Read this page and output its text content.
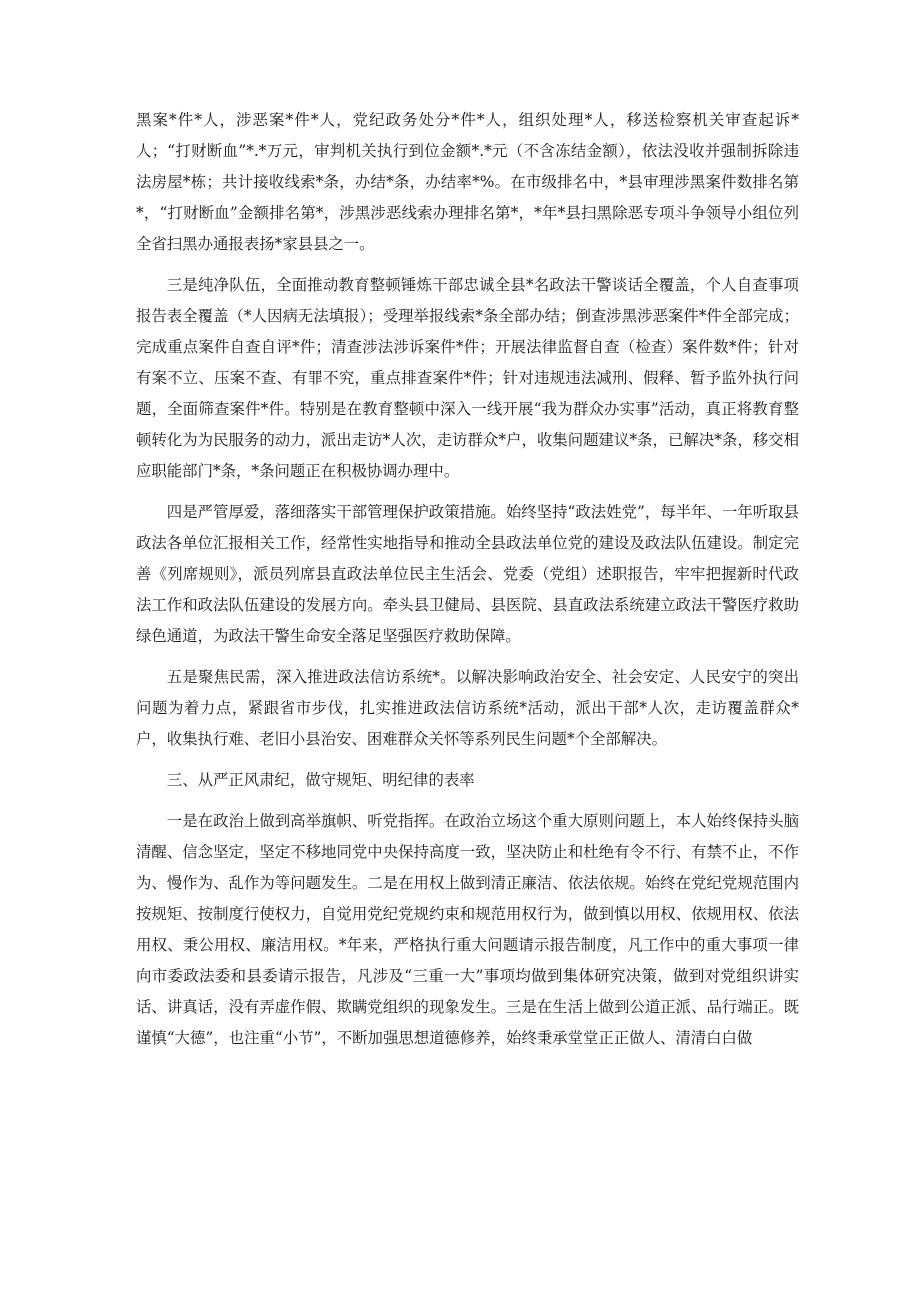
黑案*件*人，涉恶案*件*人，党纪政务处分*件*人，组织处理*人，移送检察机关审查起诉*人；“打财断血”*.*万元，审判机关执行到位金额*.*元（不含冻结金额），依法没收并强制拆除违法房屋*栋；共计接收线索*条，办结*条，办结率*%。在市级排名中，*县审理涉黑案件数排名第*，“打财断血”金额排名第*，涉黑涉恶线索办理排名第*，*年*县扫黑除恶专项斗争领导小组位列全省扫黑办通报表扬*家县县之一。

三是纯净队伍，全面推动教育整顿锤炼干部忠诚全县*名政法干警谈话全覆盖，个人自查事项报告表全覆盖（*人因病无法填报）；受理举报线索*条全部办结；倒查涉黑涉恶案件*件全部完成；完成重点案件自查自评*件；清查涉法涉诉案件*件；开展法律监督自查（检查）案件数*件；针对有案不立、压案不查、有罪不究，重点排查案件*件；针对违规违法减刑、假释、暂予监外执行问题，全面筛查案件*件。特别是在教育整顿中深入一线开展“我为群众办实事”活动，真正将教育整顿转化为为民服务的动力，派出走访*人次，走访群众*户，收集问题建议*条，已解决*条，移交相应职能部门*条，*条问题正在积极协调办理中。

四是严管厚爱，落细落实干部管理保护政策措施。始终坚持“政法姓党”，每半年、一年听取县政法各单位汇报相关工作，经常性实地指导和推动全县政法单位党的建设及政法队伍建设。制定完善《列席规则》，派员列席县直政法单位民主生活会、党委（党组）述职报告，牢牢把握新时代政法工作和政法队伍建设的发展方向。牵头县卫健局、县医院、县直政法系统建立政法干警医疗救助绿色通道，为政法干警生命安全落足坚强医疗救助保障。

五是聚焦民需，深入推进政法信访系统*。以解决影响政治安全、社会安定、人民安宁的突出问题为着力点，紧跟省市步伐，扎实推进政法信访系统*活动，派出干部*人次，走访覆盖群众*户，收集执行难、老旧小县治安、困难群众关怀等系列民生问题*个全部解决。

三、从严正风肃纪，做守规矩、明纪律的表率

一是在政治上做到高举旗帜、听党指挥。在政治立场这个重大原则问题上，本人始终保持头脑清醒、信念坚定，坚定不移地同党中央保持高度一致，坚决防止和杜绝有令不行、有禁不止，不作为、慢作为、乱作为等问题发生。二是在用权上做到清正廉洁、依法依规。始终在党纪党规范围内按规矩、按制度行使权力，自觉用党纪党规约束和规范用权行为，做到慎以用权、依规用权、依法用权、秉公用权、廉洁用权。*年来，严格执行重大问题请示报告制度，凡工作中的重大事项一律向市委政法委和县委请示报告，凡涉及“三重一大”事项均做到集体研究决策，做到对党组织讲实话、讲真话，没有弄虚作假、欺瞒党组织的现象发生。三是在生活上做到公道正派、品行端正。既谨慎“大德”，也注重“小节”，不断加强思想道德修养，始终秉承堂堂正正做人、清清白白做
